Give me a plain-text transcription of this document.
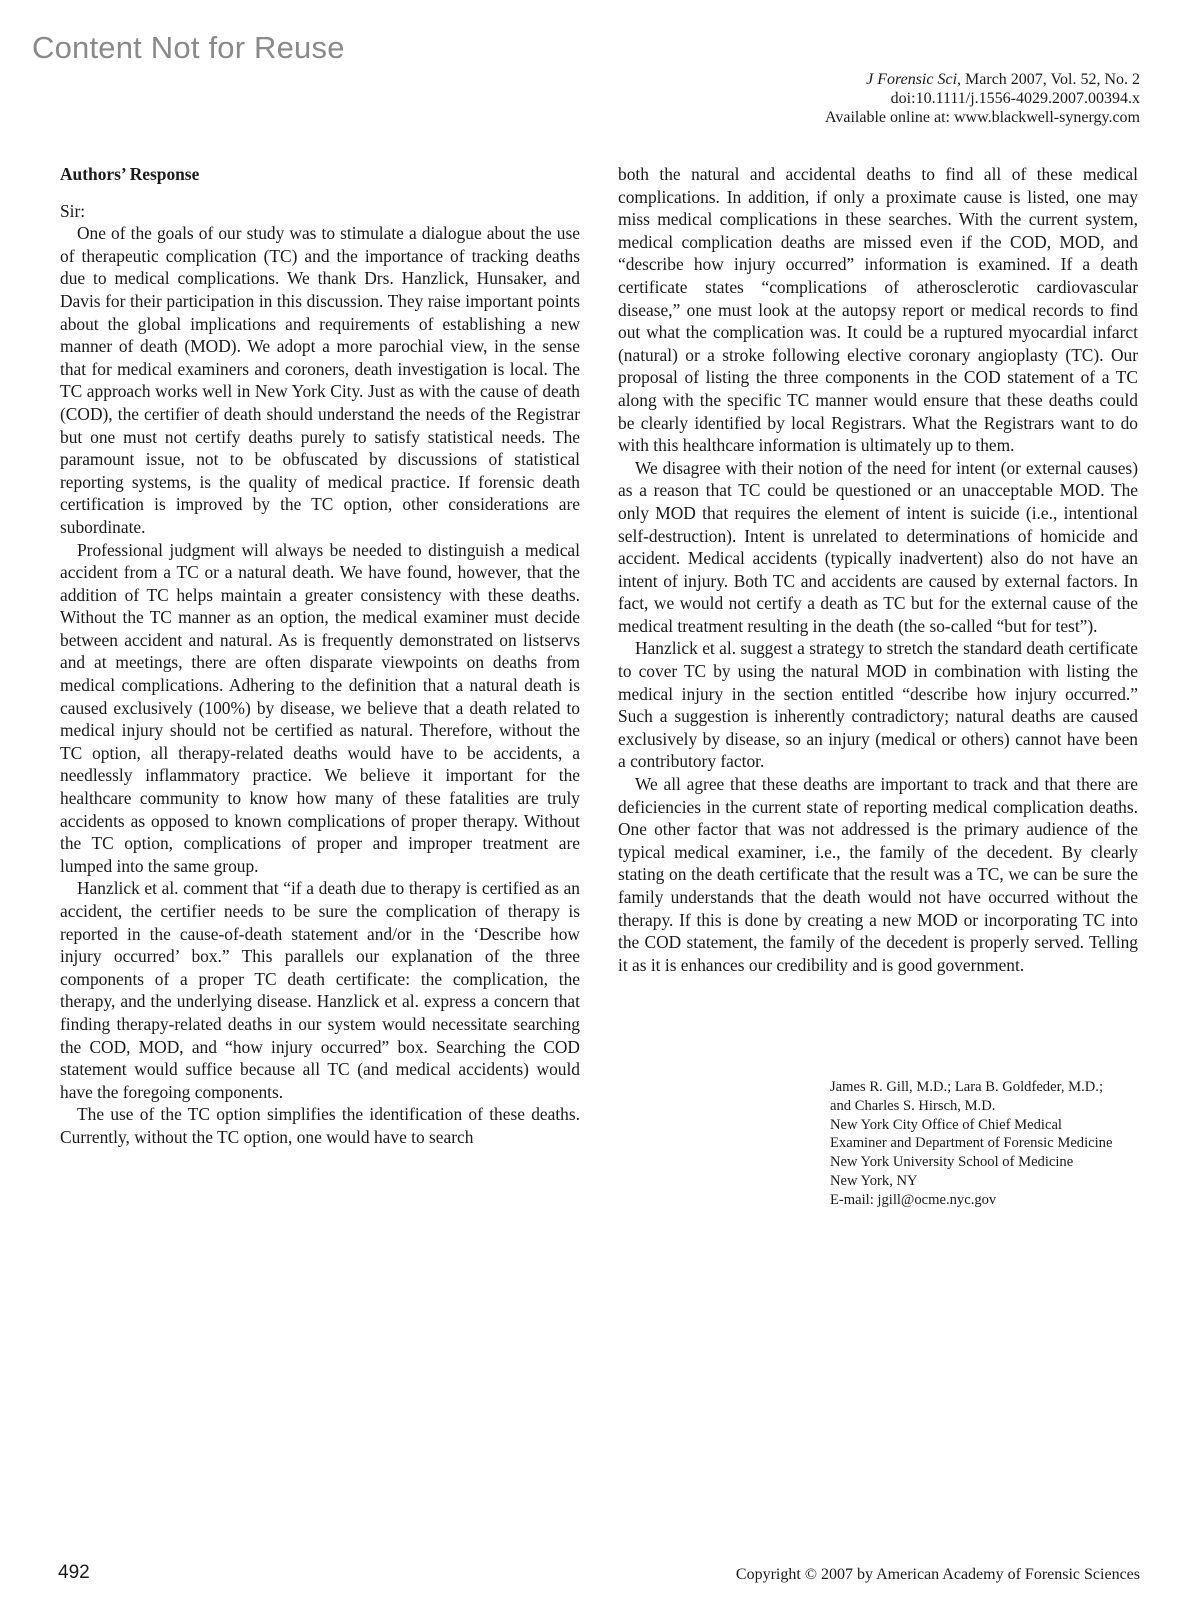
Content Not for Reuse
J Forensic Sci, March 2007, Vol. 52, No. 2
doi:10.1111/j.1556-4029.2007.00394.x
Available online at: www.blackwell-synergy.com
Authors’ Response

Sir:

One of the goals of our study was to stimulate a dialogue about the use of therapeutic complication (TC) and the importance of tracking deaths due to medical complications. We thank Drs. Hanzlick, Hunsaker, and Davis for their participation in this discussion. They raise important points about the global implications and requirements of establishing a new manner of death (MOD). We adopt a more parochial view, in the sense that for medical examiners and coroners, death investigation is local. The TC approach works well in New York City. Just as with the cause of death (COD), the certifier of death should understand the needs of the Registrar but one must not certify deaths purely to satisfy statistical needs. The paramount issue, not to be obfuscated by discussions of statistical reporting systems, is the quality of medical practice. If forensic death certification is improved by the TC option, other considerations are subordinate.

Professional judgment will always be needed to distinguish a medical accident from a TC or a natural death. We have found, however, that the addition of TC helps maintain a greater consistency with these deaths. Without the TC manner as an option, the medical examiner must decide between accident and natural. As is frequently demonstrated on listservs and at meetings, there are often disparate viewpoints on deaths from medical complications. Adhering to the definition that a natural death is caused exclusively (100%) by disease, we believe that a death related to medical injury should not be certified as natural. Therefore, without the TC option, all therapy-related deaths would have to be accidents, a needlessly inflammatory practice. We believe it important for the healthcare community to know how many of these fatalities are truly accidents as opposed to known complications of proper therapy. Without the TC option, complications of proper and improper treatment are lumped into the same group.

Hanzlick et al. comment that “if a death due to therapy is certified as an accident, the certifier needs to be sure the complication of therapy is reported in the cause-of-death statement and/or in the ‘Describe how injury occurred’ box.” This parallels our explanation of the three components of a proper TC death certificate: the complication, the therapy, and the underlying disease. Hanzlick et al. express a concern that finding therapy-related deaths in our system would necessitate searching the COD, MOD, and “how injury occurred” box. Searching the COD statement would suffice because all TC (and medical accidents) would have the foregoing components.

The use of the TC option simplifies the identification of these deaths. Currently, without the TC option, one would have to search

both the natural and accidental deaths to find all of these medical complications. In addition, if only a proximate cause is listed, one may miss medical complications in these searches. With the current system, medical complication deaths are missed even if the COD, MOD, and “describe how injury occurred” information is examined. If a death certificate states “complications of atherosclerotic cardiovascular disease,” one must look at the autopsy report or medical records to find out what the complication was. It could be a ruptured myocardial infarct (natural) or a stroke following elective coronary angioplasty (TC). Our proposal of listing the three components in the COD statement of a TC along with the specific TC manner would ensure that these deaths could be clearly identified by local Registrars. What the Registrars want to do with this healthcare information is ultimately up to them.

We disagree with their notion of the need for intent (or external causes) as a reason that TC could be questioned or an unacceptable MOD. The only MOD that requires the element of intent is suicide (i.e., intentional self-destruction). Intent is unrelated to determinations of homicide and accident. Medical accidents (typically inadvertent) also do not have an intent of injury. Both TC and accidents are caused by external factors. In fact, we would not certify a death as TC but for the external cause of the medical treatment resulting in the death (the so-called “but for test”).

Hanzlick et al. suggest a strategy to stretch the standard death certificate to cover TC by using the natural MOD in combination with listing the medical injury in the section entitled “describe how injury occurred.” Such a suggestion is inherently contradictory; natural deaths are caused exclusively by disease, so an injury (medical or others) cannot have been a contributory factor.

We all agree that these deaths are important to track and that there are deficiencies in the current state of reporting medical complication deaths. One other factor that was not addressed is the primary audience of the typical medical examiner, i.e., the family of the decedent. By clearly stating on the death certificate that the result was a TC, we can be sure the family understands that the death would not have occurred without the therapy. If this is done by creating a new MOD or incorporating TC into the COD statement, the family of the decedent is properly served. Telling it as it is enhances our credibility and is good government.

James R. Gill, M.D.; Lara B. Goldfeder, M.D.;
and Charles S. Hirsch, M.D.
New York City Office of Chief Medical
Examiner and Department of Forensic Medicine
New York University School of Medicine
New York, NY
E-mail: jgill@ocme.nyc.gov
492	Copyright © 2007 by American Academy of Forensic Sciences
